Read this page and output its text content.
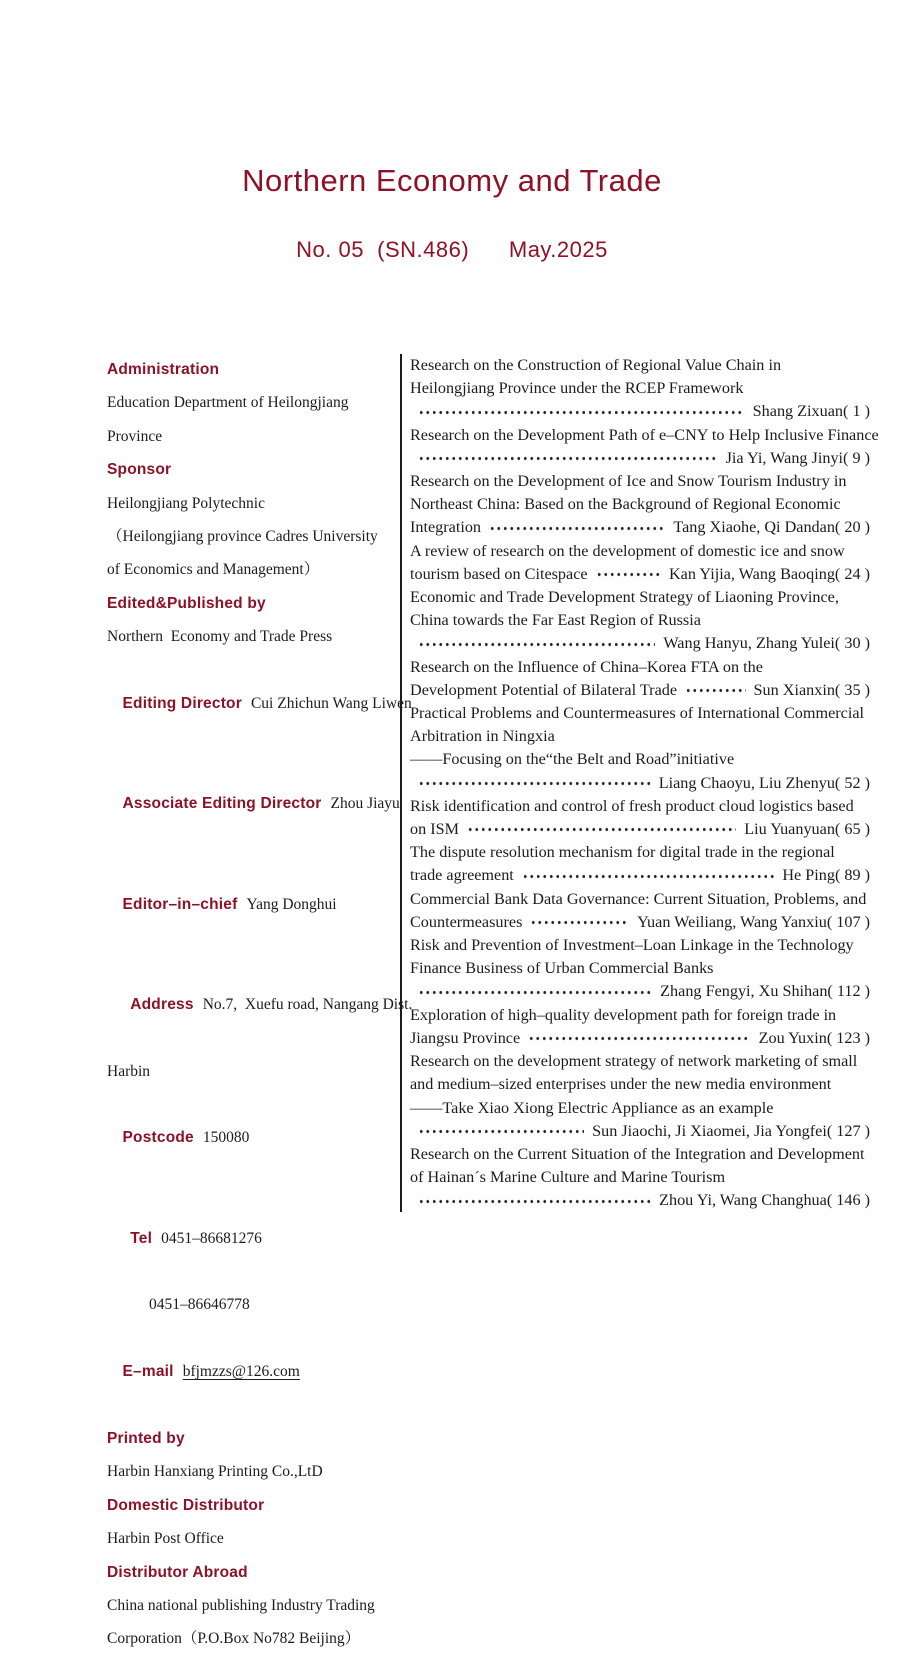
Northern Economy and Trade
No. 05  (SN.486)      May.2025
Administration
Education Department of Heilongjiang
Province
Sponsor
Heilongjiang Polytechnic
（Heilongjiang province Cadres University
of Economics and Management）
Edited&Published by
Northern  Economy and Trade Press

Editing Director Cui Zhichun Wang Liwen

Associate Editing Director Zhou Jiayu

Editor–in–chief Yang Donghui

Address No.7,  Xuefu road, Nangang Dist.

Harbin

Postcode 150080

Tel 0451–86681276

0451–86646778

E–mail bfjmzzs@126.com

Printed by
Harbin Hanxiang Printing Co.,LtD
Domestic Distributor
Harbin Post Office
Distributor Abroad
China national publishing Industry Trading
Corporation（P.O.Box No782 Beijing）
Research on the Construction of Regional Value Chain in
Heilongjiang Province under the RCEP Framework
Shang Zixuan( 1 )
Research on the Development Path of e–CNY to Help Inclusive Finance
Jia Yi, Wang Jinyi( 9 )
Research on the Development of Ice and Snow Tourism Industry in
Northeast China: Based on the Background of Regional Economic
Integration	Tang Xiaohe, Qi Dandan( 20 )
A review of research on the development of domestic ice and snow
tourism based on Citespace	Kan Yijia, Wang Baoqing( 24 )
Economic and Trade Development Strategy of Liaoning Province,
China towards the Far East Region of Russia
Wang Hanyu, Zhang Yulei( 30 )
Research on the Influence of China–Korea FTA on the
Development Potential of Bilateral Trade	Sun Xianxin( 35 )
Practical Problems and Countermeasures of International Commercial
Arbitration in Ningxia
——Focusing on the“the Belt and Road”initiative
Liang Chaoyu, Liu Zhenyu( 52 )
Risk identification and control of fresh product cloud logistics based
on ISM	Liu Yuanyuan( 65 )
The dispute resolution mechanism for digital trade in the regional
trade agreement	He Ping( 89 )
Commercial Bank Data Governance: Current Situation, Problems, and
Countermeasures	Yuan Weiliang, Wang Yanxiu( 107 )
Risk and Prevention of Investment–Loan Linkage in the Technology
Finance Business of Urban Commercial Banks
Zhang Fengyi, Xu Shihan( 112 )
Exploration of high–quality development path for foreign trade in
Jiangsu Province	Zou Yuxin( 123 )
Research on the development strategy of network marketing of small
and medium–sized enterprises under the new media environment
——Take Xiao Xiong Electric Appliance as an example
Sun Jiaochi, Ji Xiaomei, Jia Yongfei( 127 )
Research on the Current Situation of the Integration and Development
of Hainan´s Marine Culture and Marine Tourism
Zhou Yi, Wang Changhua( 146 )
